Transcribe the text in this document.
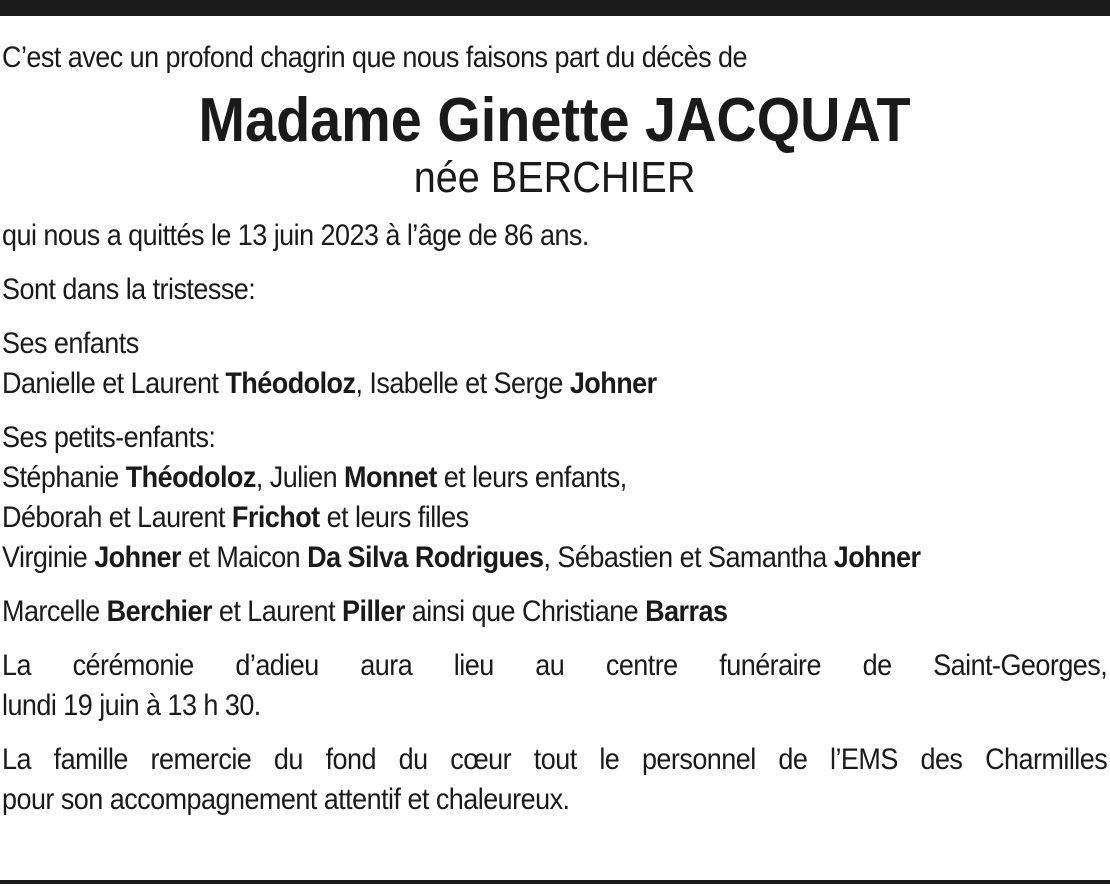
C’est avec un profond chagrin que nous faisons part du décès de
Madame Ginette JACQUAT
née BERCHIER
qui nous a quittés le 13 juin 2023 à l’âge de 86 ans.
Sont dans la tristesse:
Ses enfants
Danielle et Laurent Théodoloz, Isabelle et Serge Johner
Ses petits-enfants:
Stéphanie Théodoloz, Julien Monnet et leurs enfants,
Déborah et Laurent Frichot et leurs filles
Virginie Johner et Maicon Da Silva Rodrigues, Sébastien et Samantha Johner
Marcelle Berchier et Laurent Piller ainsi que Christiane Barras
La cérémonie d’adieu aura lieu au centre funéraire de Saint-Georges,
lundi 19 juin à 13 h 30.
La famille remercie du fond du cœur tout le personnel de l’EMS des Charmilles
pour son accompagnement attentif et chaleureux.
